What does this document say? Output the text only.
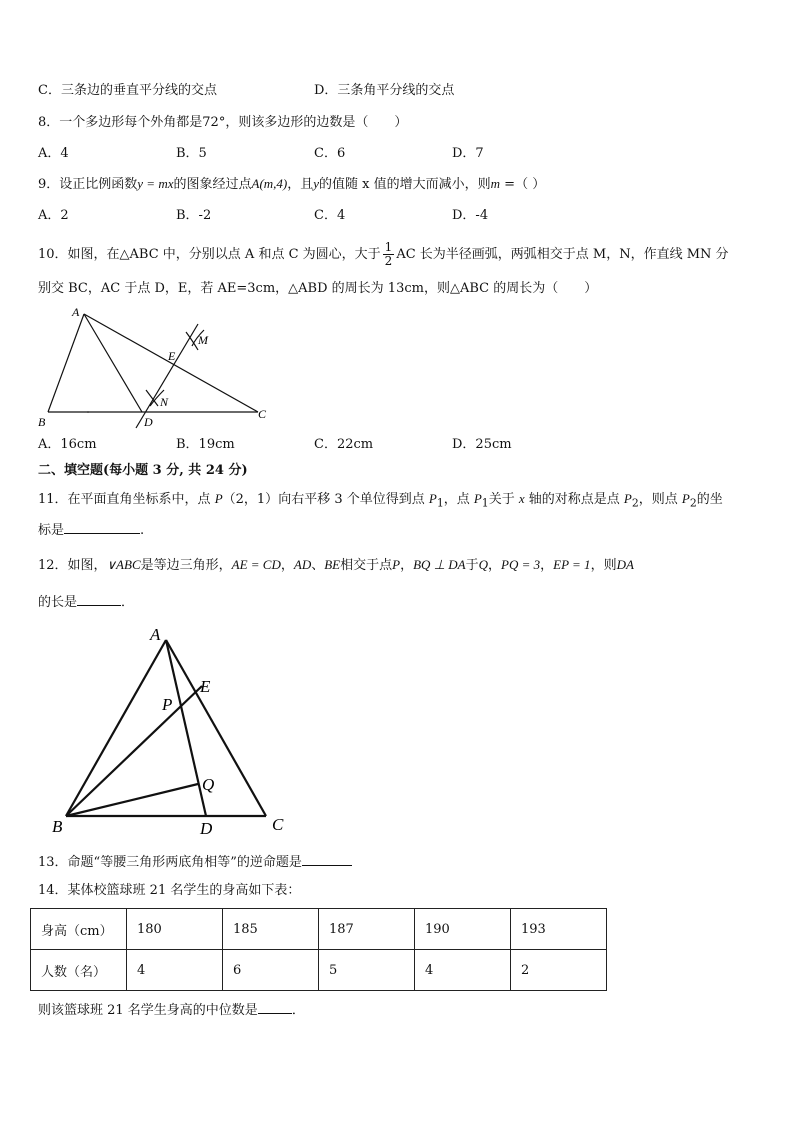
C．三条边的垂直平分线的交点	D．三条角平分线的交点
8．一个多边形每个外角都是72°，则该多边形的边数是（　　）
A．4	B．5	C．6	D．7
9．设正比例函数y = mx的图象经过点A(m,4)，且y的值随 x 值的增大而减小，则m =（ ）
A．2	B．-2	C．4	D．-4
10．如图，在△ABC 中，分别以点 A 和点 C 为圆心，大于 $\frac{1}{2}$ AC 长为半径画弧，两弧相交于点 M，N，作直线 MN 分
别交 BC，AC 于点 D，E，若 AE=3cm，△ABD 的周长为 13cm，则△ABC 的周长为（　　）
A
B
C
D
E
M
N
A．16cm	B．19cm	C．22cm	D．25cm
二、填空题(每小题 3 分, 共 24 分)
11．在平面直角坐标系中，点 P（2，1）向右平移 3 个单位得到点 $P_1$，点 $P_1$关于 x 轴的对称点是点 $P_2$，则点 $P_2$的坐
标是	.
12．如图，∨ABC是等边三角形，AE = CD，AD、BE相交于点P，BQ ⊥ DA于Q，PQ = 3，EP = 1，则DA
的长是	．
A
B	C
D
E
P
Q
13．命题“等腰三角形两底角相等”的逆命题是
14．某体校篮球班 21 名学生的身高如下表：
身高（cm）	180	185	187	190	193
人数（名）	4	6	5	4	2
则该篮球班 21 名学生身高的中位数是	．
